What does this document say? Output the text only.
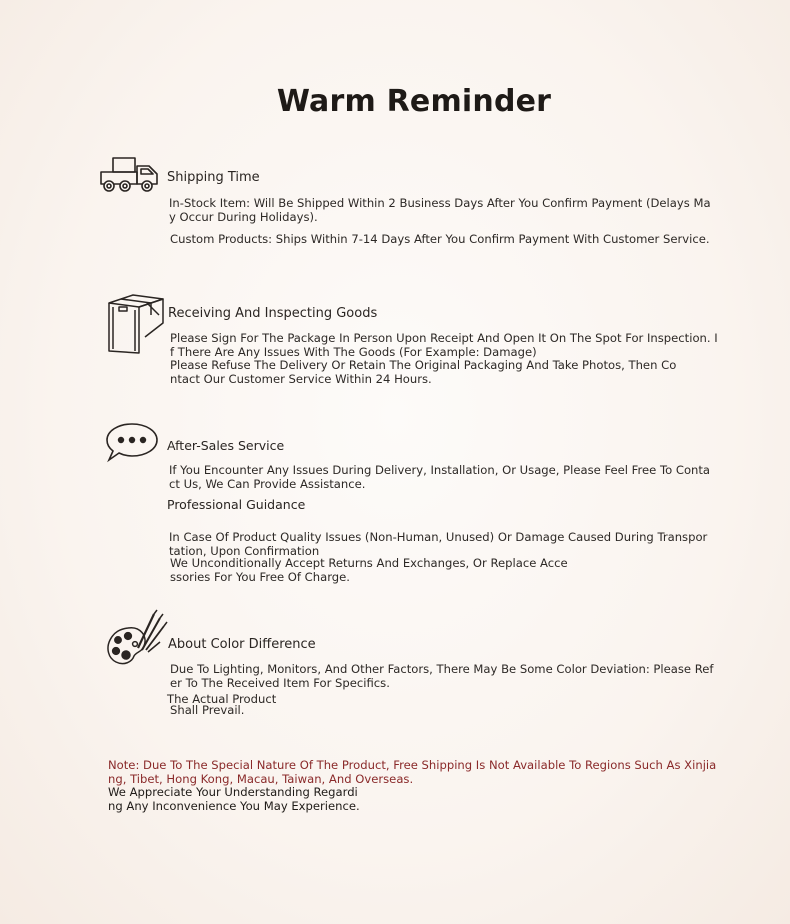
Warm Reminder
Shipping Time
In-Stock Item: Will Be Shipped Within 2 Business Days After You Confirm Payment (Delays Ma
y Occur During Holidays).
Custom Products: Ships Within 7-14 Days After You Confirm Payment With Customer Service.
Receiving And Inspecting Goods
Please Sign For The Package In Person Upon Receipt And Open It On The Spot For Inspection. I
f There Are Any Issues With The Goods (For Example: Damage)
Please Refuse The Delivery Or Retain The Original Packaging And Take Photos, Then Co
ntact Our Customer Service Within 24 Hours.
After-Sales Service
If You Encounter Any Issues During Delivery, Installation, Or Usage, Please Feel Free To Conta
ct Us, We Can Provide Assistance.
Professional Guidance
In Case Of Product Quality Issues (Non-Human, Unused) Or Damage Caused During Transpor
tation, Upon Confirmation
We Unconditionally Accept Returns And Exchanges, Or Replace Acce
ssories For You Free Of Charge.
About Color Difference
Due To Lighting, Monitors, And Other Factors, There May Be Some Color Deviation: Please Ref
er To The Received Item For Specifics.
The Actual Product
Shall Prevail.
Note: Due To The Special Nature Of The Product, Free Shipping Is Not Available To Regions Such As Xinjia
ng, Tibet, Hong Kong, Macau, Taiwan, And Overseas.
We Appreciate Your Understanding Regardi
ng Any Inconvenience You May Experience.
